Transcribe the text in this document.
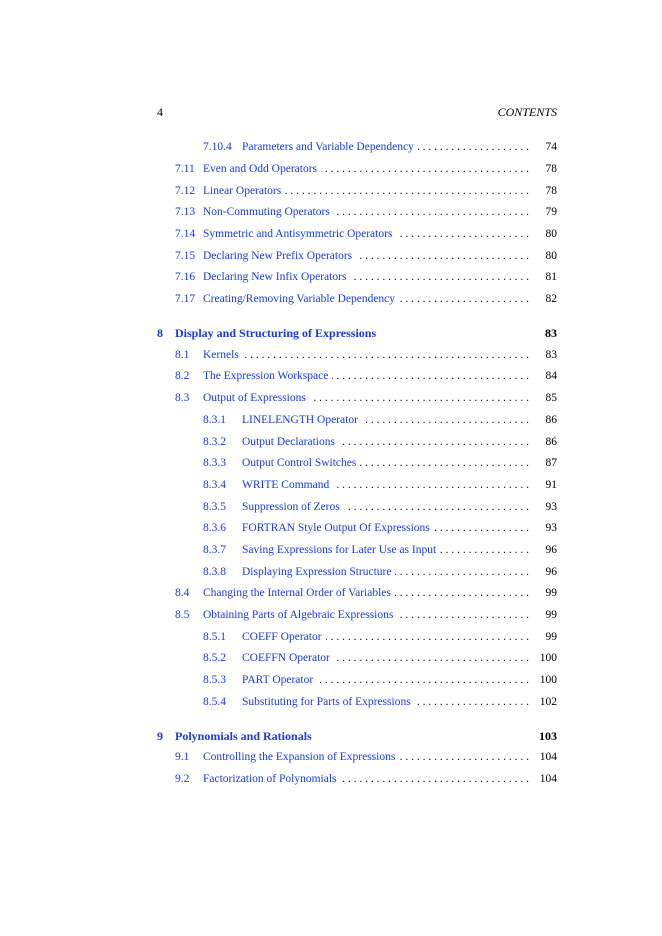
4	CONTENTS
. . .
7.10.4 Parameters and Variable Dependency	74
. . .
7.11 Even and Odd Operators	78
. . .
7.12 Linear Operators	78
. . .
7.13 Non-Commuting Operators	79
. . .
7.14 Symmetric and Antisymmetric Operators	80
. . .
7.15 Declaring New Prefix Operators	80
. . .
7.16 Declaring New Infix Operators	81
. . .
7.17 Creating/Removing Variable Dependency	82
8 Display and Structuring of Expressions	83
. . .
8.1 Kernels	83
. . .
8.2 The Expression Workspace	84
. . .
8.3 Output of Expressions	85
. . .
8.3.1 LINELENGTH Operator	86
. . .
8.3.2 Output Declarations	86
. . .
8.3.3 Output Control Switches	87
. . .
8.3.4 WRITE Command	91
. . .
8.3.5 Suppression of Zeros	93
. . .
8.3.6 FORTRAN Style Output Of Expressions	93
. . .
8.3.7 Saving Expressions for Later Use as Input	96
. . .
8.3.8 Displaying Expression Structure	96
. . .
8.4 Changing the Internal Order of Variables	99
. . .
8.5 Obtaining Parts of Algebraic Expressions	99
. . .
8.5.1 COEFF Operator	99
. . .
8.5.2 COEFFN Operator	100
. . .
8.5.3 PART Operator	100
. . .
8.5.4 Substituting for Parts of Expressions	102
9 Polynomials and Rationals	103
. . .
9.1 Controlling the Expansion of Expressions	104
. . .
9.2 Factorization of Polynomials	104
